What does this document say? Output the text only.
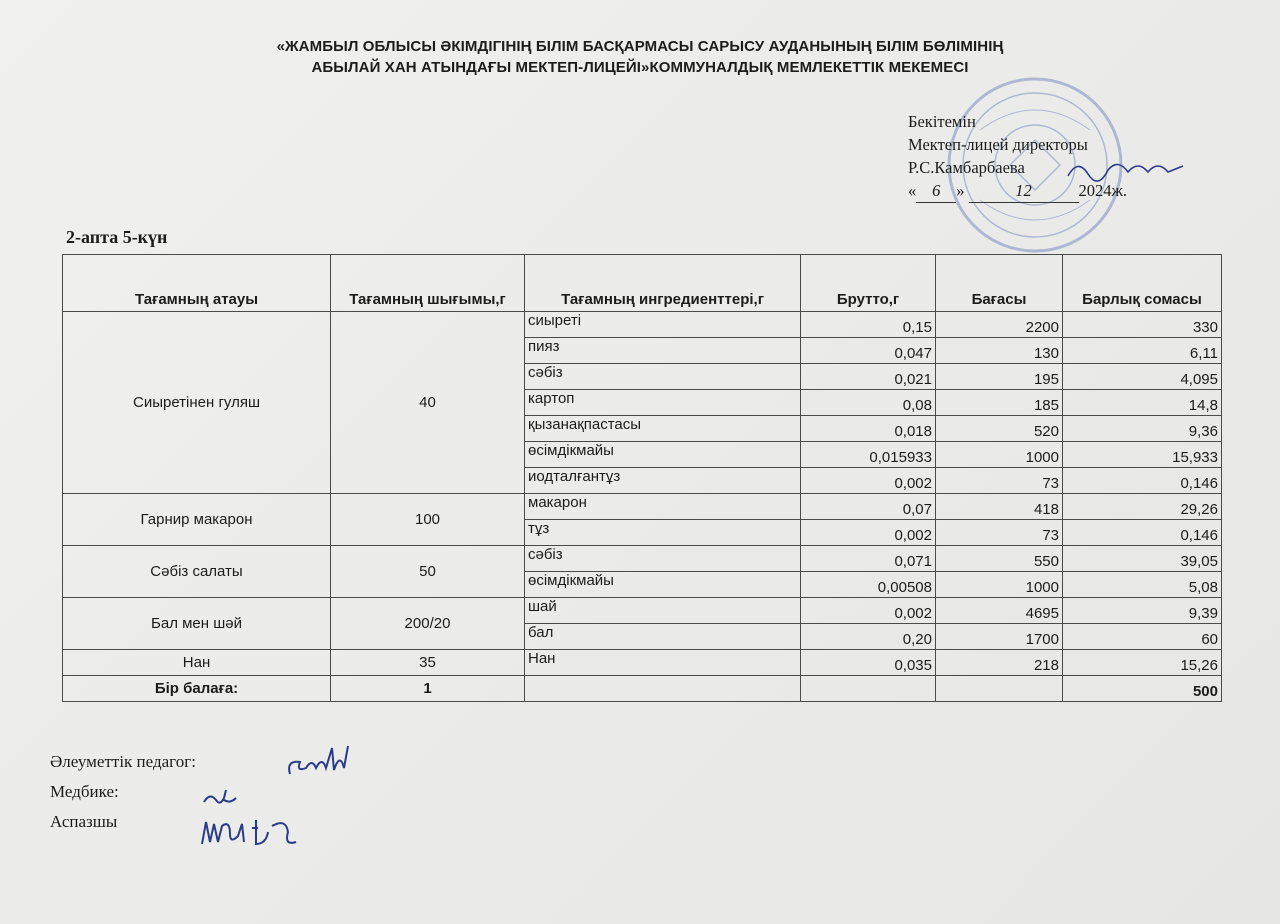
«ЖАМБЫЛ ОБЛЫСЫ ӘКІМДІГІНІҢ БІЛІМ БАСҚАРМАСЫ САРЫСУ АУДАНЫНЫҢ БІЛІМ БӨЛІМІНІҢ
АБЫЛАЙ ХАН АТЫНДАҒЫ МЕКТЕП-ЛИЦЕЙІ»КОММУНАЛДЫҚ МЕМЛЕКЕТТІК МЕКЕМЕСІ
Бекітемін
Мектеп-лицей директоры
Р.С.Камбарбаева
« 6 »	12	2024ж.
2-апта 5-күн
Тағамның атауы	Тағамның шығымы,г	Тағамның ингредиенттері,г	Брутто,г	Бағасы	Барлық сомасы
Сиыретінен гуляш	40	сиыреті	0,15	2200	330
		пияз	0,047	130	6,11
		сәбіз	0,021	195	4,095
		картоп	0,08	185	14,8
		қызанақпастасы	0,018	520	9,36
		өсімдікмайы	0,015933	1000	15,933
		иодталғантұз	0,002	73	0,146
Гарнир макарон	100	макарон	0,07	418	29,26
		тұз	0,002	73	0,146
Сәбіз салаты	50	сәбіз	0,071	550	39,05
		өсімдікмайы	0,00508	1000	5,08
Бал мен шәй	200/20	шай	0,002	4695	9,39
		бал	0,20	1700	60
Нан	35	Нан	0,035	218	15,26
Бір балаға:	1				500
Әлеуметтік педагог:
Медбике:
Аспазшы
